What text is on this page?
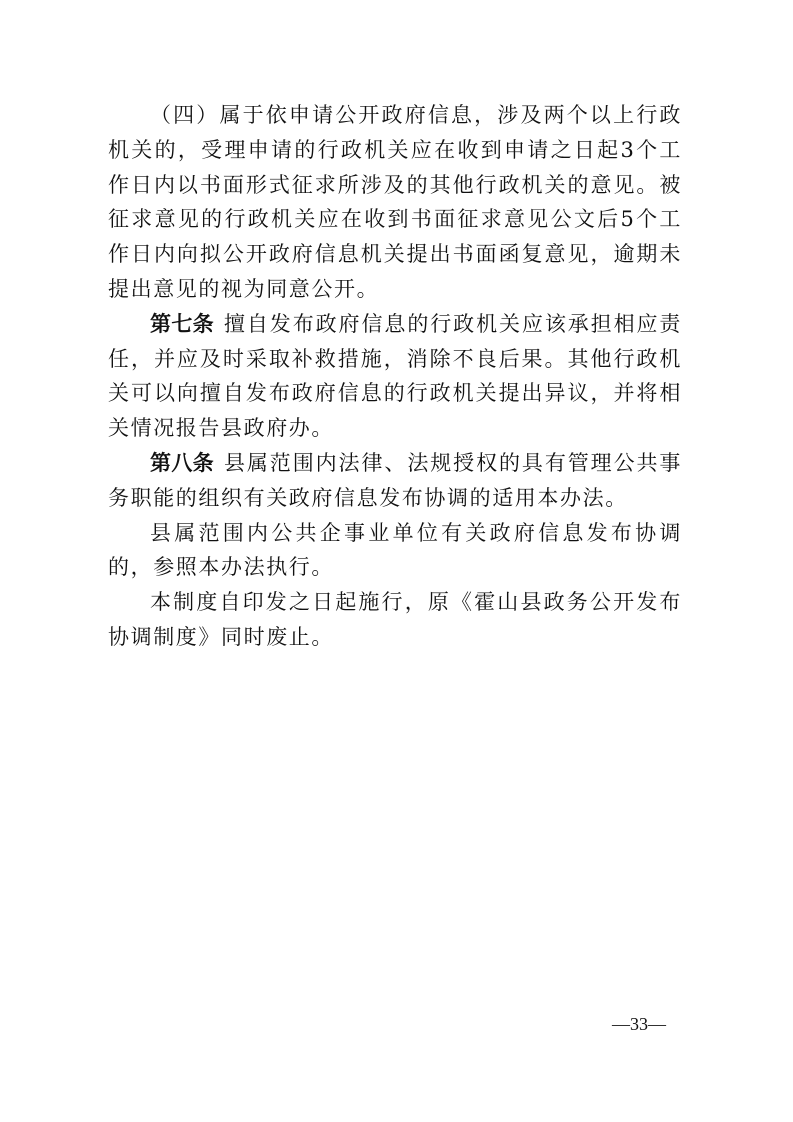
（四）属于依申请公开政府信息，涉及两个以上行政机关的，受理申请的行政机关应在收到申请之日起3个工作日内以书面形式征求所涉及的其他行政机关的意见。被征求意见的行政机关应在收到书面征求意见公文后5个工作日内向拟公开政府信息机关提出书面函复意见，逾期未提出意见的视为同意公开。

第七条 擅自发布政府信息的行政机关应该承担相应责任，并应及时采取补救措施，消除不良后果。其他行政机关可以向擅自发布政府信息的行政机关提出异议，并将相关情况报告县政府办。

第八条 县属范围内法律、法规授权的具有管理公共事务职能的组织有关政府信息发布协调的适用本办法。

县属范围内公共企事业单位有关政府信息发布协调的，参照本办法执行。

本制度自印发之日起施行，原《霍山县政务公开发布协调制度》同时废止。

—33—
